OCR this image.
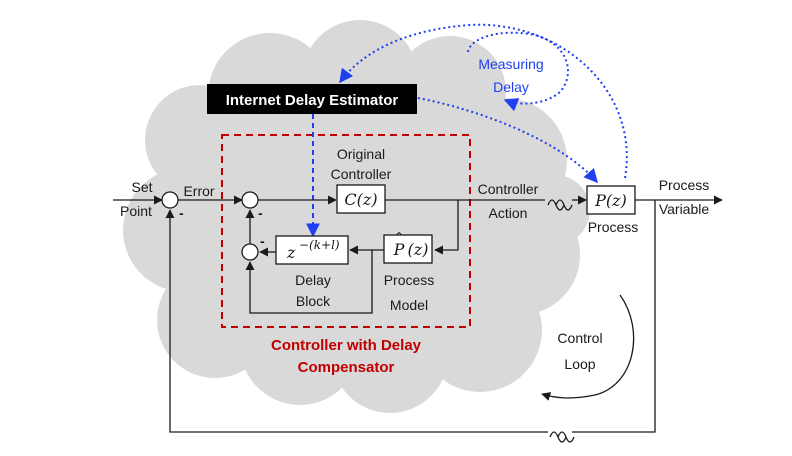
Internet Delay Estimator
Measuring
Delay
Set
Point -
Error
-
Original
Controller
C(z)
Controller
Action
P
^
(z)
z −(k+l)
-
Delay
Block
Process
Model
Controller with Delay
Compensator
P(z)
Process
Process
Variable
Control
Loop
